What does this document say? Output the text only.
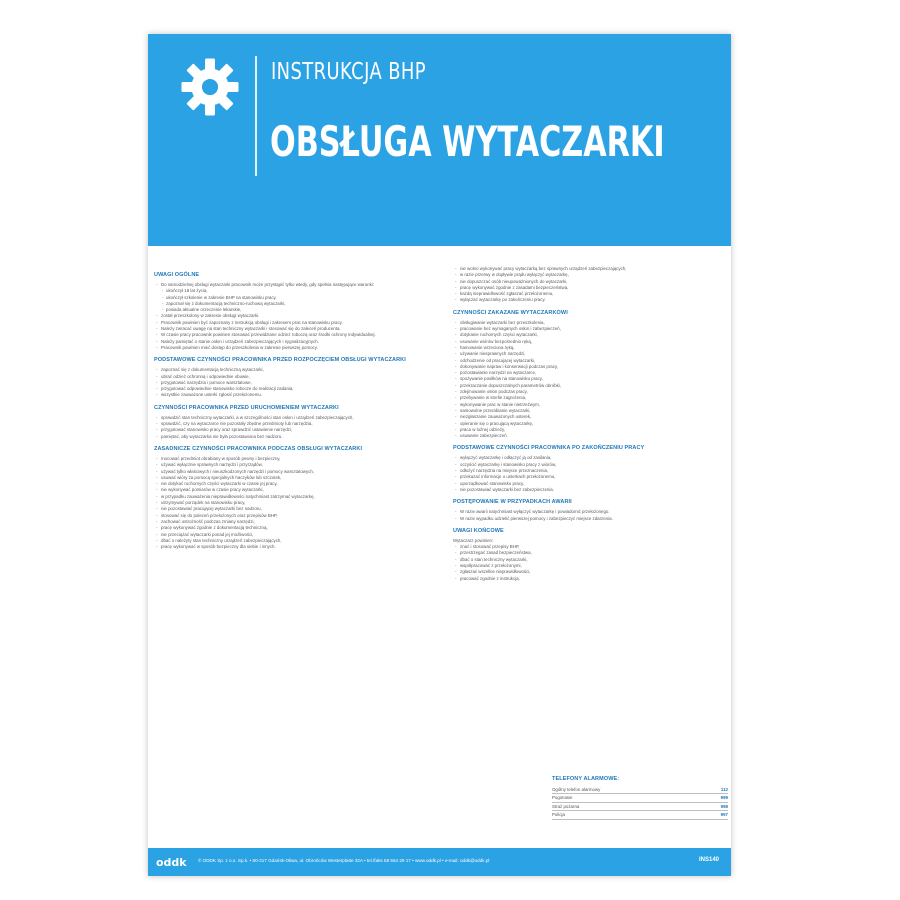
INSTRUKCJA BHP
OBSŁUGA WYTACZARKI
UWAGI OGÓLNE
- Do samodzielnej obsługi wytaczarki pracownik może przystąpić tylko wtedy, gdy spełnia następujące warunki:
- ukończył 18 lat życia,
- ukończył szkolenie w zakresie BHP na stanowisku pracy,
- zapoznał się z dokumentacją techniczno-ruchową wytaczarki,
- posiada aktualne orzeczenie lekarskie,
- został przeszkolony w zakresie obsługi wytaczarki.
- Pracownik powinien być zapoznany z instrukcją obsługi i zakresem prac na stanowisku pracy.
- Należy zwracać uwagę na stan techniczny wytaczarki i stosować się do zaleceń producenta.
- W czasie pracy pracownik powinien stosować przewidziane odzież roboczą oraz środki ochrony indywidualnej.
- Należy pamiętać o stanie osłon i urządzeń zabezpieczających i sygnalizacyjnych.
- Pracownik powinien mieć dostęp do przeszkolenia w zakresie pierwszej pomocy.
PODSTAWOWE CZYNNOŚCI PRACOWNIKA PRZED ROZPOCZĘCIEM OBSŁUGI WYTACZARKI
- zapoznać się z dokumentacją techniczną wytaczarki,
- ubrać odzież ochronną i odpowiednie obuwie,
- przygotować narzędzia i pomoce warsztatowe,
- przygotować odpowiednie stanowisko robocze do realizacji zadania,
- wszystkie zauważone usterki zgłosić przełożonemu.
CZYNNOŚCI PRACOWNIKA PRZED URUCHOMIENIEM WYTACZARKI
- sprawdzić stan techniczny wytaczarki, a w szczególności stan osłon i urządzeń zabezpieczających,
- sprawdzić, czy na wytaczarce nie pozostały zbędne przedmioty lub narzędzia,
- przygotować stanowisko pracy oraz sprawdzić ustawienie narzędzi,
- pamiętać, aby wytaczarka nie była pozostawiona bez nadzoru.
ZASADNICZE CZYNNOŚCI PRACOWNIKA PODCZAS OBSŁUGI WYTACZARKI
- mocować przedmiot obrabiany w sposób pewny i bezpieczny,
- używać wyłącznie sprawnych narzędzi i przyrządów,
- używać tylko właściwych i nieuszkodzonych narzędzi i pomocy warsztatowych,
- usuwać wióry za pomocą specjalnych haczyków lub szczotek,
- nie dotykać ruchomych części wytaczarki w czasie jej pracy,
- nie wykonywać pomiarów w czasie pracy wytaczarki,
- w przypadku zauważenia nieprawidłowości natychmiast zatrzymać wytaczarkę,
- utrzymywać porządek na stanowisku pracy,
- nie pozostawiać pracującej wytaczarki bez nadzoru,
- stosować się do poleceń przełożonych oraz przepisów BHP,
- zachować ostrożność podczas zmiany narzędzi,
- pracę wykonywać zgodnie z dokumentacją techniczną,
- nie przeciążać wytaczarki ponad jej możliwości,
- dbać o należyty stan techniczny urządzeń zabezpieczających,
- pracę wykonywać w sposób bezpieczny dla siebie i innych.
- nie wolno wykonywać pracy wytaczarką bez sprawnych urządzeń zabezpieczających,
- w razie przerwy w dopływie prądu wyłączyć wytaczarkę,
- nie dopuszczać osób nieupoważnionych do wytaczarki,
- pracę wykonywać zgodnie z zasadami bezpieczeństwa,
- każdą nieprawidłowość zgłaszać przełożonemu,
- wyłączać wytaczarkę po zakończeniu pracy.
CZYNNOŚCI ZAKAZANE WYTACZARKOWI
- obsługiwanie wytaczarki bez przeszkolenia,
- pracowanie bez wymaganych osłon i zabezpieczeń,
- dotykanie ruchomych części wytaczarki,
- usuwanie wiórów bezpośrednio ręką,
- hamowanie wrzeciona ręką,
- używanie niesprawnych narzędzi,
- odchodzenie od pracującej wytaczarki,
- dokonywanie napraw i konserwacji podczas pracy,
- pozostawianie narzędzi na wytaczarce,
- spożywanie posiłków na stanowisku pracy,
- przekraczanie dopuszczalnych parametrów obróbki,
- zdejmowanie osłon podczas pracy,
- przebywanie w strefie zagrożenia,
- wykonywanie prac w stanie nietrzeźwym,
- samowolne przerabianie wytaczarki,
- niezgłaszanie zauważonych usterek,
- opieranie się o pracującą wytaczarkę,
- praca w luźnej odzieży,
- usuwanie zabezpieczeń.
PODSTAWOWE CZYNNOŚCI PRACOWNIKA PO ZAKOŃCZENIU PRACY
- wyłączyć wytaczarkę i odłączyć ją od zasilania,
- oczyścić wytaczarkę i stanowisko pracy z wiórów,
- odłożyć narzędzia na miejsce przeznaczenia,
- przekazać informacje o usterkach przełożonemu,
- uporządkować stanowisko pracy,
- nie pozostawiać wytaczarki bez zabezpieczenia.
POSTĘPOWANIE W PRZYPADKACH AWARII
- W razie awarii natychmiast wyłączyć wytaczarkę i powiadomić przełożonego.
- W razie wypadku udzielić pierwszej pomocy i zabezpieczyć miejsce zdarzenia.
UWAGI KOŃCOWE

Wytaczarz powinien:

- znać i stosować przepisy BHP,
- przestrzegać zasad bezpieczeństwa,
- dbać o stan techniczny wytaczarki,
- współpracować z przełożonymi,
- zgłaszać wszelkie nieprawidłowości,
- pracować zgodnie z instrukcją.
TELEFONY ALARMOWE:
Ogólny telefon alarmowy	112
Pogotowie	999
Straż pożarna	998
Policja	997
oddk © ODDK Sp. z o.o. Sp.k. • 80-317 Gdańsk-Oliwa, ul. Obrońców Westerplatte 32A • tel./faks 58 554 29 17 • www.oddk.pl • e-mail: oddk@oddk.pl	INS140
